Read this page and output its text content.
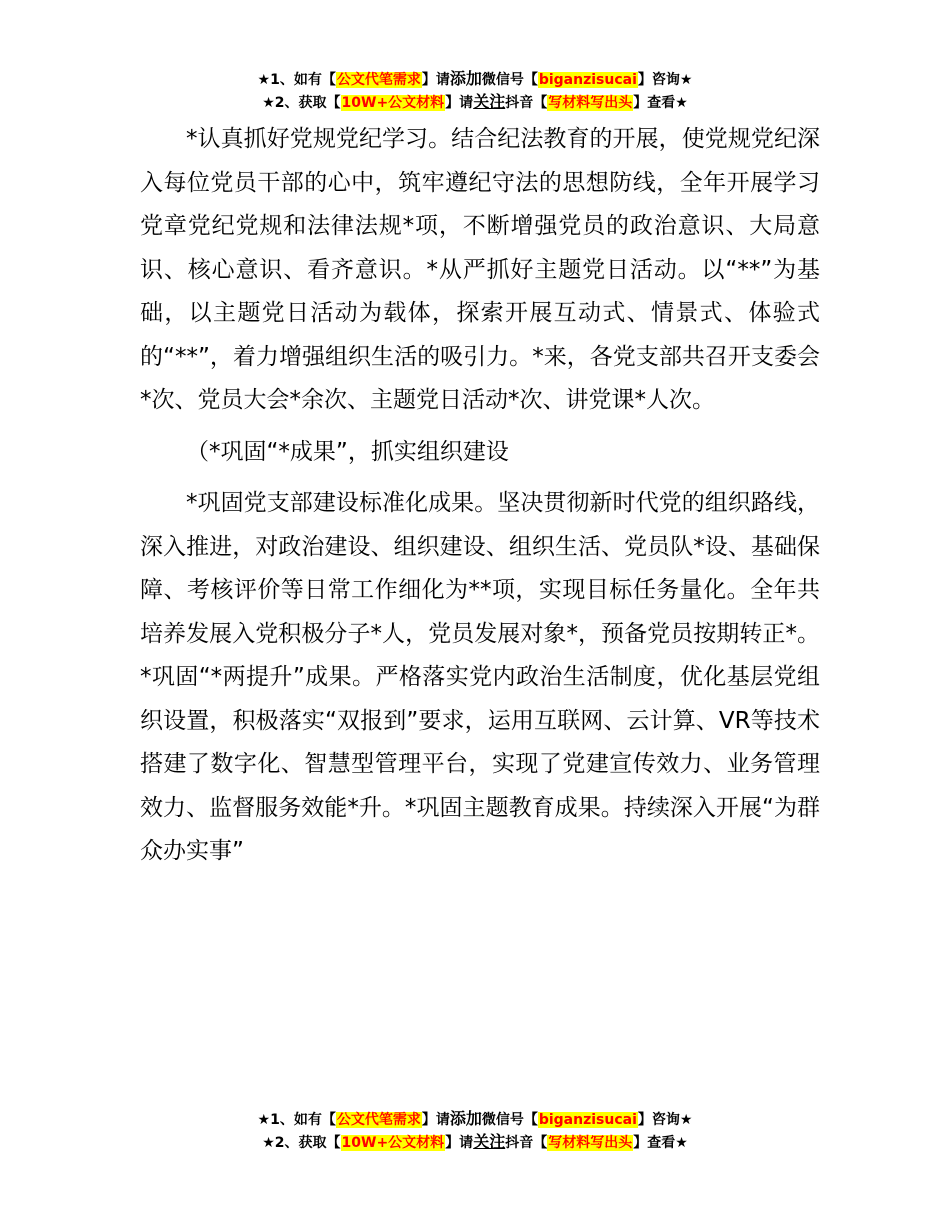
★1、如有【公文代笔需求】请添加微信号【biganzisucai】咨询★
★2、获取【10W+公文材料】请关注抖音【写材料写出头】查看★

*认真抓好党规党纪学习。结合纪法教育的开展，使党规党纪深入每位党员干部的心中，筑牢遵纪守法的思想防线，全年开展学习党章党纪党规和法律法规*项，不断增强党员的政治意识、大局意识、核心意识、看齐意识。*从严抓好主题党日活动。以“**”为基础，以主题党日活动为载体，探索开展互动式、情景式、体验式的“**”，着力增强组织生活的吸引力。*来，各党支部共召开支委会*次、党员大会*余次、主题党日活动*次、讲党课*人次。

（*巩固“*成果”，抓实组织建设

*巩固党支部建设标准化成果。坚决贯彻新时代党的组织路线，深入推进，对政治建设、组织建设、组织生活、党员队*设、基础保障、考核评价等日常工作细化为**项，实现目标任务量化。全年共培养发展入党积极分子*人，党员发展对象*，预备党员按期转正*。*巩固“*两提升”成果。严格落实党内政治生活制度，优化基层党组织设置，积极落实“双报到”要求，运用互联网、云计算、VR等技术搭建了数字化、智慧型管理平台，实现了党建宣传效力、业务管理效力、监督服务效能*升。*巩固主题教育成果。持续深入开展“为群众办实事”

★1、如有【公文代笔需求】请添加微信号【biganzisucai】咨询★
★2、获取【10W+公文材料】请关注抖音【写材料写出头】查看★
